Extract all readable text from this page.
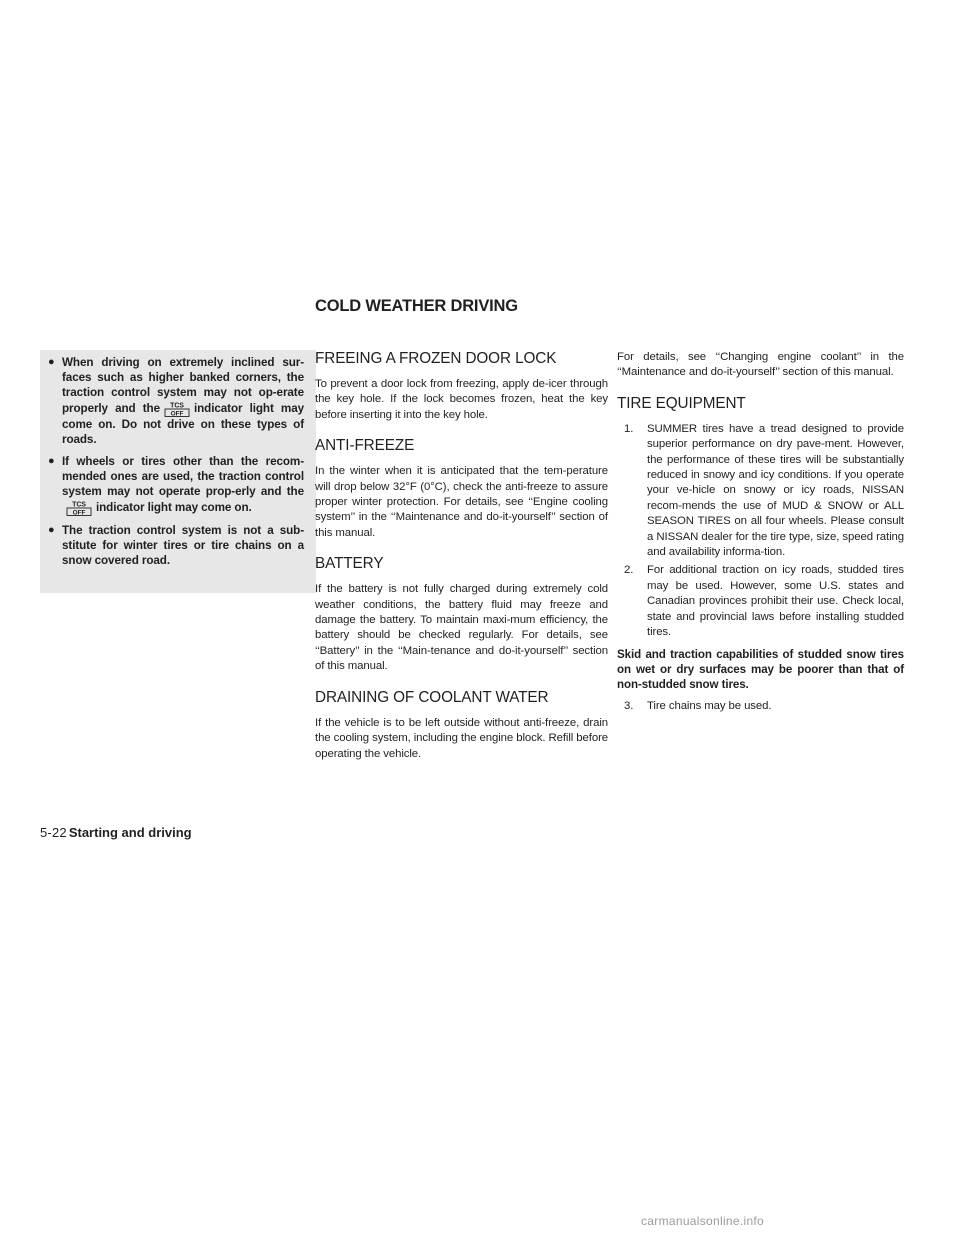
COLD WEATHER DRIVING
● When driving on extremely inclined sur-faces such as higher banked corners, the traction control system may not op-erate properly and the TCS
OFF indicator light may come on. Do not drive on these types of roads.

● If wheels or tires other than the recom-mended ones are used, the traction control system may not operate prop-erly and the
TCS
OFF indicator light may come on.

● The traction control system is not a sub-stitute for winter tires or tire chains on a snow covered road.

FREEING A FROZEN DOOR LOCK

To prevent a door lock from freezing, apply de-icer through the key hole. If the lock becomes frozen, heat the key before inserting it into the key hole.

ANTI-FREEZE

In the winter when it is anticipated that the tem-perature will drop below 32°F (0°C), check the anti-freeze to assure proper winter protection. For details, see ‘‘Engine cooling system’’ in the ‘‘Maintenance and do-it-yourself’’ section of this manual.

BATTERY

If the battery is not fully charged during extremely cold weather conditions, the battery fluid may freeze and damage the battery. To maintain maxi-mum efficiency, the battery should be checked regularly. For details, see ‘‘Battery’’ in the ‘‘Main-tenance and do-it-yourself’’ section of this manual.

DRAINING OF COOLANT WATER

If the vehicle is to be left outside without anti-freeze, drain the cooling system, including the engine block. Refill before operating the vehicle.

For details, see ‘‘Changing engine coolant’’ in the ‘‘Maintenance and do-it-yourself’’ section of this manual.

TIRE EQUIPMENT
1. SUMMER tires have a tread designed to provide superior performance on dry pave-ment. However, the performance of these tires will be substantially reduced in snowy and icy conditions. If you operate your ve-hicle on snowy or icy roads, NISSAN recom-mends the use of MUD & SNOW or ALL SEASON TIRES on all four wheels. Please consult a NISSAN dealer for the tire type, size, speed rating and availability informa-tion.
2. For additional traction on icy roads, studded tires may be used. However, some U.S. states and Canadian provinces prohibit their use. Check local, state and provincial laws before installing studded tires.

Skid and traction capabilities of studded snow tires on wet or dry surfaces may be poorer than that of non-studded snow tires.

3. Tire chains may be used.
5-22 Starting and driving
carmanualsonline.info
